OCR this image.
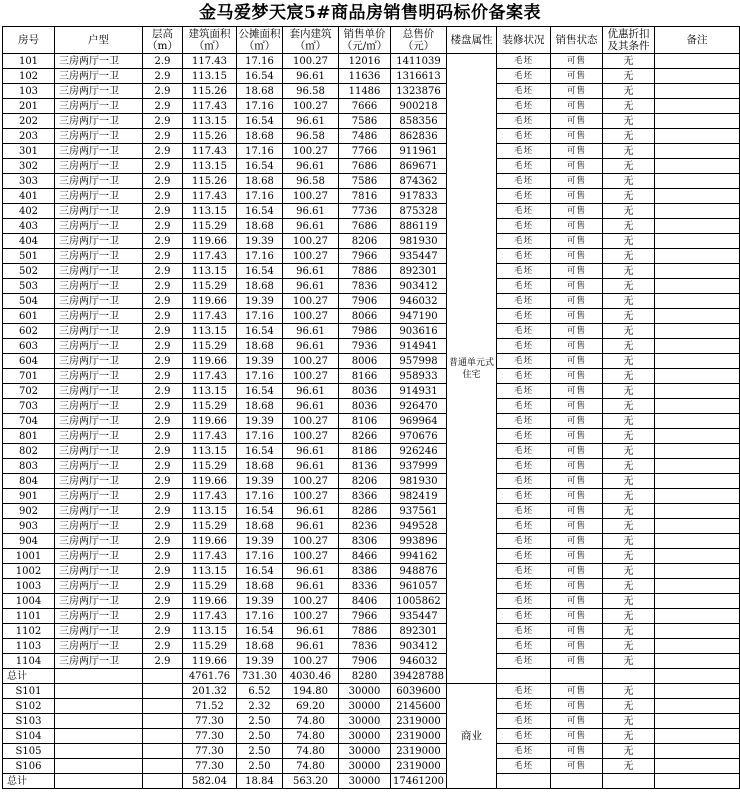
金马爱梦天宸5#商品房销售明码标价备案表
房号	户型	层高（m）	建筑面积（㎡）	公摊面积（㎡）	套内建筑（㎡）	销售单价（元/㎡）	总售价（元）	楼盘属性	装修状况	销售状态	优惠折扣及其条件	备注
101	三房两厅一卫	2.9	117.43	17.16	100.27	12016	1411039	普通单元式住宅	毛坯	可售	无	
102	三房两厅一卫	2.9	113.15	16.54	96.61	11636	1316613		毛坯	可售	无	
103	三房两厅一卫	2.9	115.26	18.68	96.58	11486	1323876		毛坯	可售	无	
201	三房两厅一卫	2.9	117.43	17.16	100.27	7666	900218		毛坯	可售	无	
202	三房两厅一卫	2.9	113.15	16.54	96.61	7586	858356		毛坯	可售	无	
203	三房两厅一卫	2.9	115.26	18.68	96.58	7486	862836		毛坯	可售	无	
301	三房两厅一卫	2.9	117.43	17.16	100.27	7766	911961		毛坯	可售	无	
302	三房两厅一卫	2.9	113.15	16.54	96.61	7686	869671		毛坯	可售	无	
303	三房两厅一卫	2.9	115.26	18.68	96.58	7586	874362		毛坯	可售	无	
401	三房两厅一卫	2.9	117.43	17.16	100.27	7816	917833		毛坯	可售	无	
402	三房两厅一卫	2.9	113.15	16.54	96.61	7736	875328		毛坯	可售	无	
403	三房两厅一卫	2.9	115.29	18.68	96.61	7686	886119		毛坯	可售	无	
404	三房两厅一卫	2.9	119.66	19.39	100.27	8206	981930		毛坯	可售	无	
501	三房两厅一卫	2.9	117.43	17.16	100.27	7966	935447		毛坯	可售	无	
502	三房两厅一卫	2.9	113.15	16.54	96.61	7886	892301		毛坯	可售	无	
503	三房两厅一卫	2.9	115.29	18.68	96.61	7836	903412		毛坯	可售	无	
504	三房两厅一卫	2.9	119.66	19.39	100.27	7906	946032		毛坯	可售	无	
601	三房两厅一卫	2.9	117.43	17.16	100.27	8066	947190		毛坯	可售	无	
602	三房两厅一卫	2.9	113.15	16.54	96.61	7986	903616		毛坯	可售	无	
603	三房两厅一卫	2.9	115.29	18.68	96.61	7936	914941		毛坯	可售	无	
604	三房两厅一卫	2.9	119.66	19.39	100.27	8006	957998		毛坯	可售	无	
701	三房两厅一卫	2.9	117.43	17.16	100.27	8166	958933		毛坯	可售	无	
702	三房两厅一卫	2.9	113.15	16.54	96.61	8036	914931		毛坯	可售	无	
703	三房两厅一卫	2.9	115.29	18.68	96.61	8036	926470		毛坯	可售	无	
704	三房两厅一卫	2.9	119.66	19.39	100.27	8106	969964		毛坯	可售	无	
801	三房两厅一卫	2.9	117.43	17.16	100.27	8266	970676		毛坯	可售	无	
802	三房两厅一卫	2.9	113.15	16.54	96.61	8186	926246		毛坯	可售	无	
803	三房两厅一卫	2.9	115.29	18.68	96.61	8136	937999		毛坯	可售	无	
804	三房两厅一卫	2.9	119.66	19.39	100.27	8206	981930		毛坯	可售	无	
901	三房两厅一卫	2.9	117.43	17.16	100.27	8366	982419		毛坯	可售	无	
902	三房两厅一卫	2.9	113.15	16.54	96.61	8286	937561		毛坯	可售	无	
903	三房两厅一卫	2.9	115.29	18.68	96.61	8236	949528		毛坯	可售	无	
904	三房两厅一卫	2.9	119.66	19.39	100.27	8306	993896		毛坯	可售	无	
1001	三房两厅一卫	2.9	117.43	17.16	100.27	8466	994162		毛坯	可售	无	
1002	三房两厅一卫	2.9	113.15	16.54	96.61	8386	948876		毛坯	可售	无	
1003	三房两厅一卫	2.9	115.29	18.68	96.61	8336	961057		毛坯	可售	无	
1004	三房两厅一卫	2.9	119.66	19.39	100.27	8406	1005862		毛坯	可售	无	
1101	三房两厅一卫	2.9	117.43	17.16	100.27	7966	935447		毛坯	可售	无	
1102	三房两厅一卫	2.9	113.15	16.54	96.61	7886	892301		毛坯	可售	无	
1103	三房两厅一卫	2.9	115.29	18.68	96.61	7836	903412		毛坯	可售	无	
1104	三房两厅一卫	2.9	119.66	19.39	100.27	7906	946032		毛坯	可售	无	
总计			4761.76	731.30	4030.46	8280	39428788					
S101			201.32	6.52	194.80	30000	6039600	商业	毛坯	可售	无	
S102			71.52	2.32	69.20	30000	2145600		毛坯	可售	无	
S103			77.30	2.50	74.80	30000	2319000		毛坯	可售	无	
S104			77.30	2.50	74.80	30000	2319000		毛坯	可售	无	
S105			77.30	2.50	74.80	30000	2319000		毛坯	可售	无	
S106			77.30	2.50	74.80	30000	2319000		毛坯	可售	无	
总计			582.04	18.84	563.20	30000	17461200					
